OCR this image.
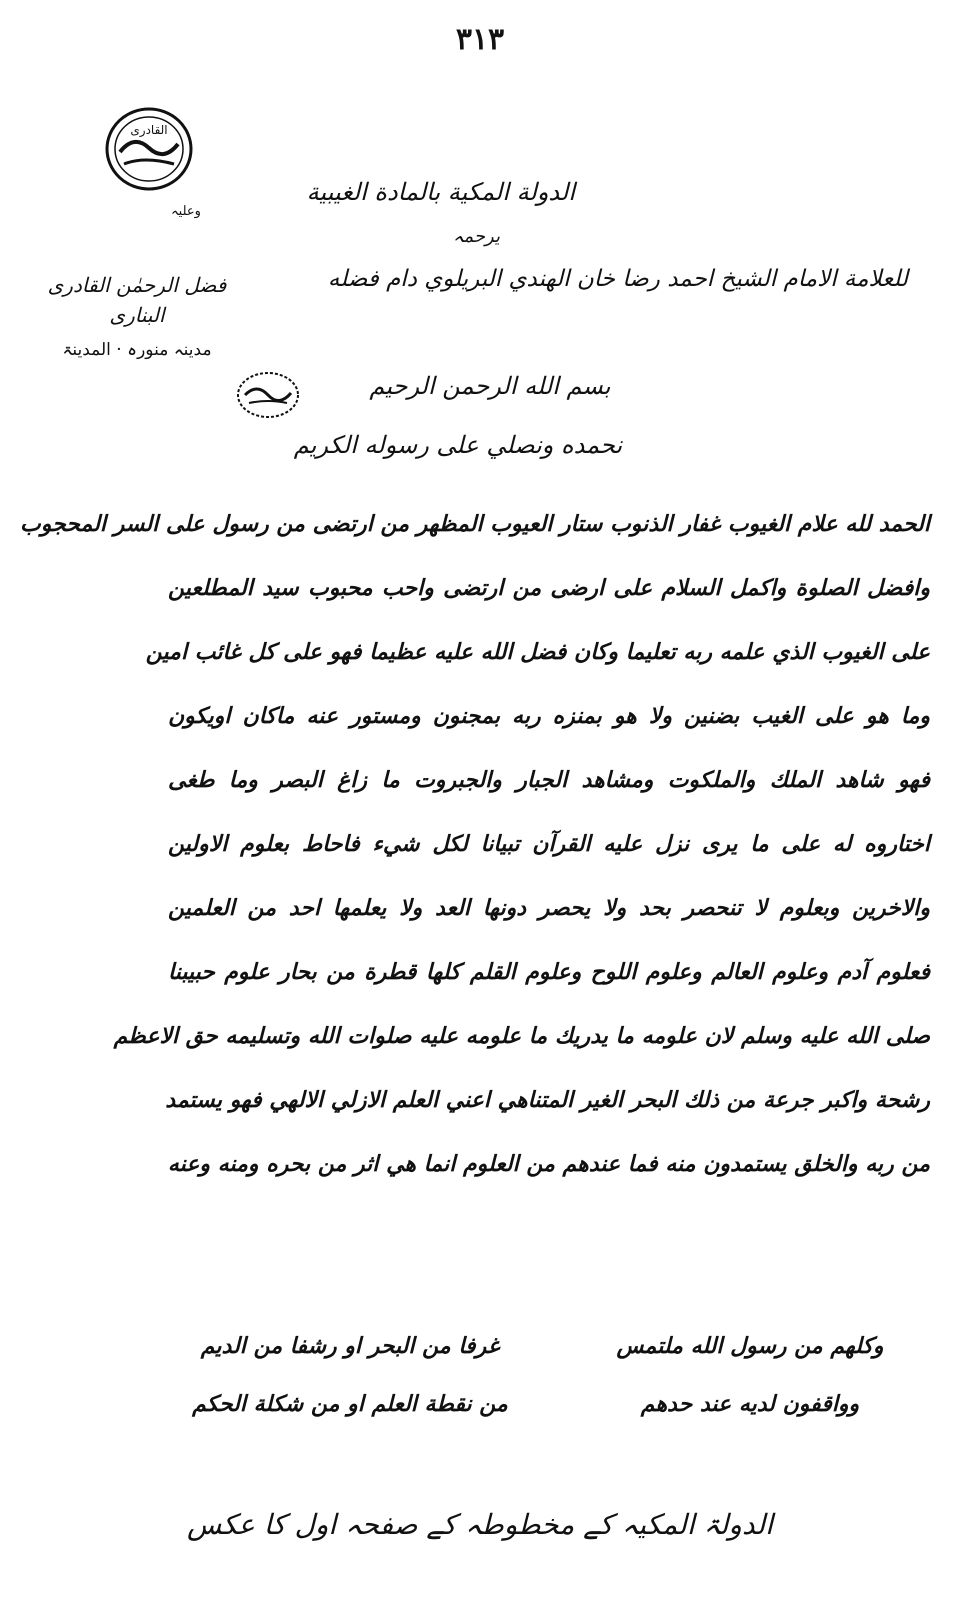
۳۱۳
القادری
وعلیہ
فضل الرحمٰن القادری البناری
مدینہ منورہ · المدینۃ
الدولة المكية بالمادة الغيبية
یرحمہ
للعلامة الامام الشيخ احمد رضا خان الهندي البريلوي دام فضله
بسم الله الرحمن الرحيم
نحمده ونصلي على رسوله الكريم
الحمد لله علام الغيوب غفار الذنوب ستار العيوب المظهر من ارتضى من رسول على السر المحجوب
وافضل الصلوة واكمل السلام على ارضى من ارتضى واحب محبوب سيد المطلعين
على الغيوب الذي علمه ربه تعليما وكان فضل الله عليه عظيما فهو على كل غائب امين
وما هو على الغيب بضنين ولا هو بمنزه ربه بمجنون ومستور عنه ماكان اويكون
فهو شاهد الملك والملكوت ومشاهد الجبار والجبروت ما زاغ البصر وما طغى
اختاروه له على ما يرى نزل عليه القرآن تبيانا لكل شيء فاحاط بعلوم الاولين
والاخرين وبعلوم لا تنحصر بحد ولا يحصر دونها العد ولا يعلمها احد من العلمين
فعلوم آدم وعلوم العالم وعلوم اللوح وعلوم القلم كلها قطرة من بحار علوم حبيبنا
صلى الله عليه وسلم لان علومه ما يدريك ما علومه عليه صلوات الله وتسليمه حق الاعظم
رشحة واكبر جرعة من ذلك البحر الغير المتناهي اعني العلم الازلي الالهي فهو يستمد
من ربه والخلق يستمدون منه فما عندهم من العلوم انما هي اثر من بحره ومنه وعنه
وكلهم من رسول الله ملتمس
غرفا من البحر او رشفا من الديم
وواقفون لديه عند حدهم
من نقطة العلم او من شكلة الحكم
الدولۃ المکیہ کے مخطوطہ کے صفحہ اول کا عکس
